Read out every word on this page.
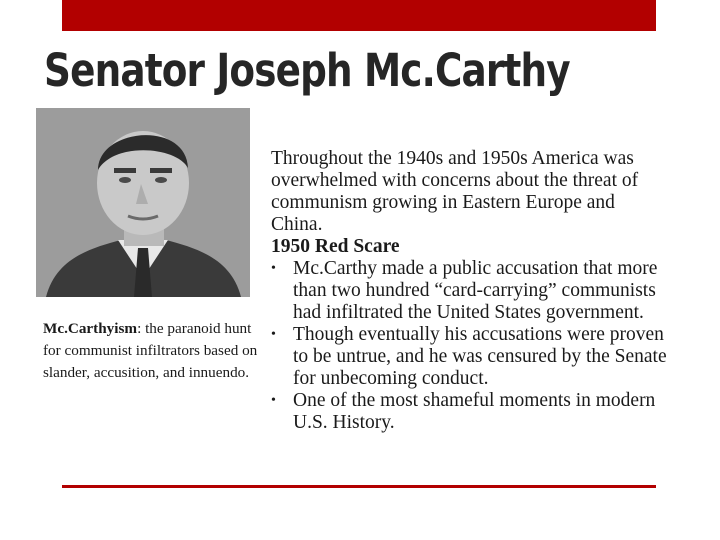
Senator Joseph Mc.Carthy
Mc.Carthyism: the paranoid hunt for communist infiltrators based on slander, accusition, and innuendo.

Throughout the 1940s and 1950s America was overwhelmed with concerns about the threat of communism growing in Eastern Europe and China.

1950 Red Scare

• Mc.Carthy made a public accusation that more than two hundred “card-carrying” communists had infiltrated the United States government.
• Though eventually his accusations were proven to be untrue, and he was censured by the Senate for unbecoming conduct.
• One of the most shameful moments in modern U.S. History.
